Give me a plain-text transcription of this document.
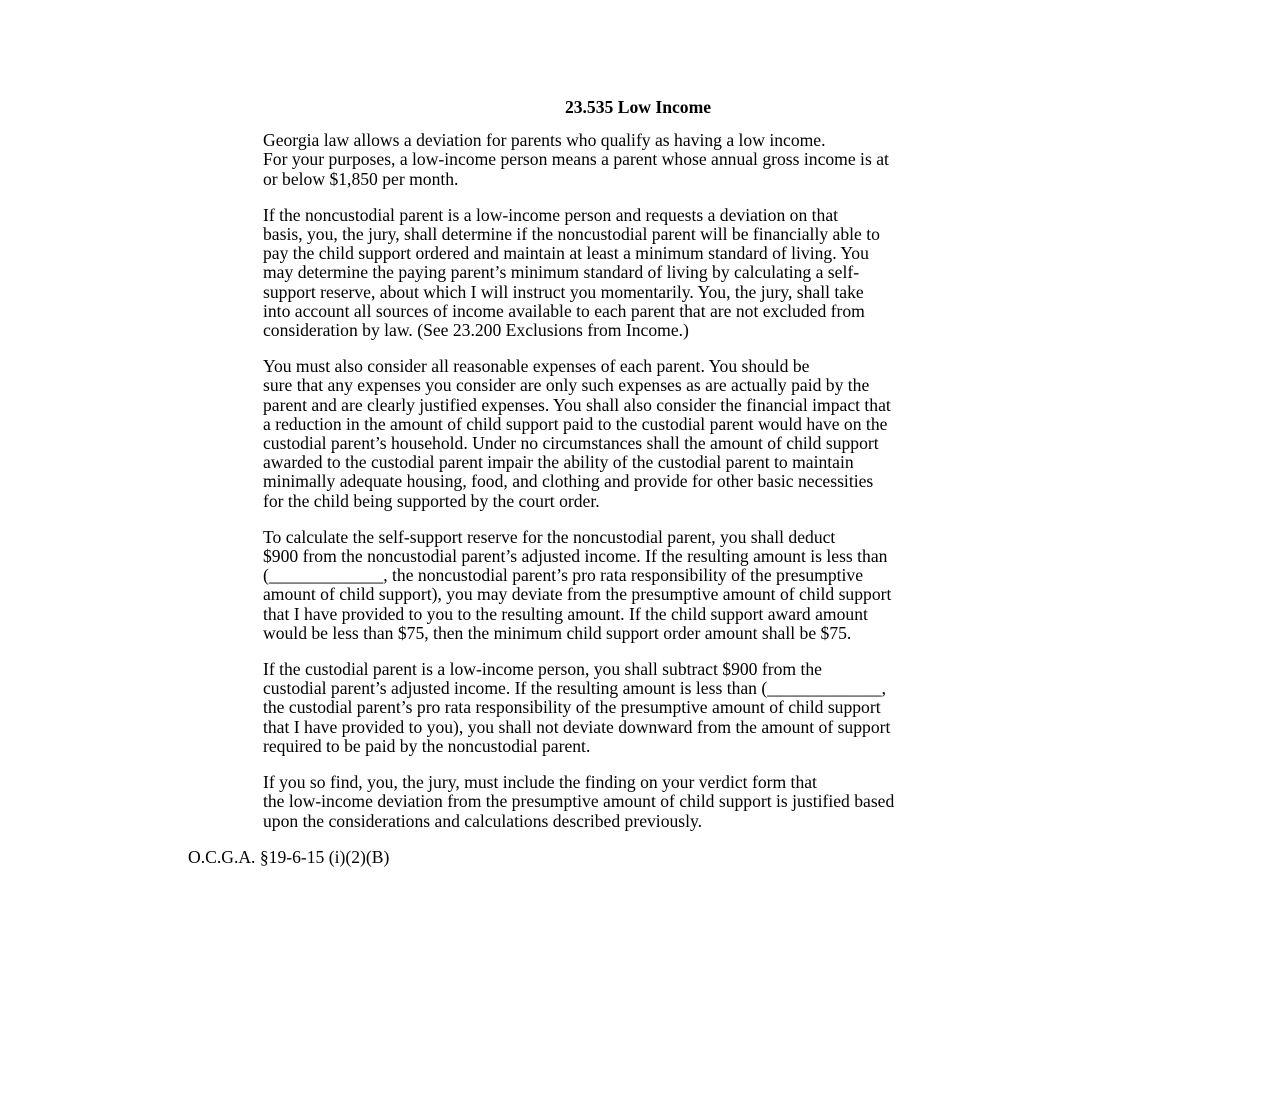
23.535 Low Income
Georgia law allows a deviation for parents who qualify as having a low income.
For your purposes, a low-income person means a parent whose annual gross income is at
or below $1,850 per month.
If the noncustodial parent is a low-income person and requests a deviation on that
basis, you, the jury, shall determine if the noncustodial parent will be financially able to
pay the child support ordered and maintain at least a minimum standard of living. You
may determine the paying parent’s minimum standard of living by calculating a self-
support reserve, about which I will instruct you momentarily. You, the jury, shall take
into account all sources of income available to each parent that are not excluded from
consideration by law. (See 23.200 Exclusions from Income.)
You must also consider all reasonable expenses of each parent. You should be
sure that any expenses you consider are only such expenses as are actually paid by the
parent and are clearly justified expenses. You shall also consider the financial impact that
a reduction in the amount of child support paid to the custodial parent would have on the
custodial parent’s household. Under no circumstances shall the amount of child support
awarded to the custodial parent impair the ability of the custodial parent to maintain
minimally adequate housing, food, and clothing and provide for other basic necessities
for the child being supported by the court order.
To calculate the self-support reserve for the noncustodial parent, you shall deduct
$900 from the noncustodial parent’s adjusted income. If the resulting amount is less than
(_____________, the noncustodial parent’s pro rata responsibility of the presumptive
amount of child support), you may deviate from the presumptive amount of child support
that I have provided to you to the resulting amount. If the child support award amount
would be less than $75, then the minimum child support order amount shall be $75.
If the custodial parent is a low-income person, you shall subtract $900 from the
custodial parent’s adjusted income. If the resulting amount is less than (_____________,
the custodial parent’s pro rata responsibility of the presumptive amount of child support
that I have provided to you), you shall not deviate downward from the amount of support
required to be paid by the noncustodial parent.
If you so find, you, the jury, must include the finding on your verdict form that
the low-income deviation from the presumptive amount of child support is justified based
upon the considerations and calculations described previously.
O.C.G.A. §19-6-15 (i)(2)(B)
